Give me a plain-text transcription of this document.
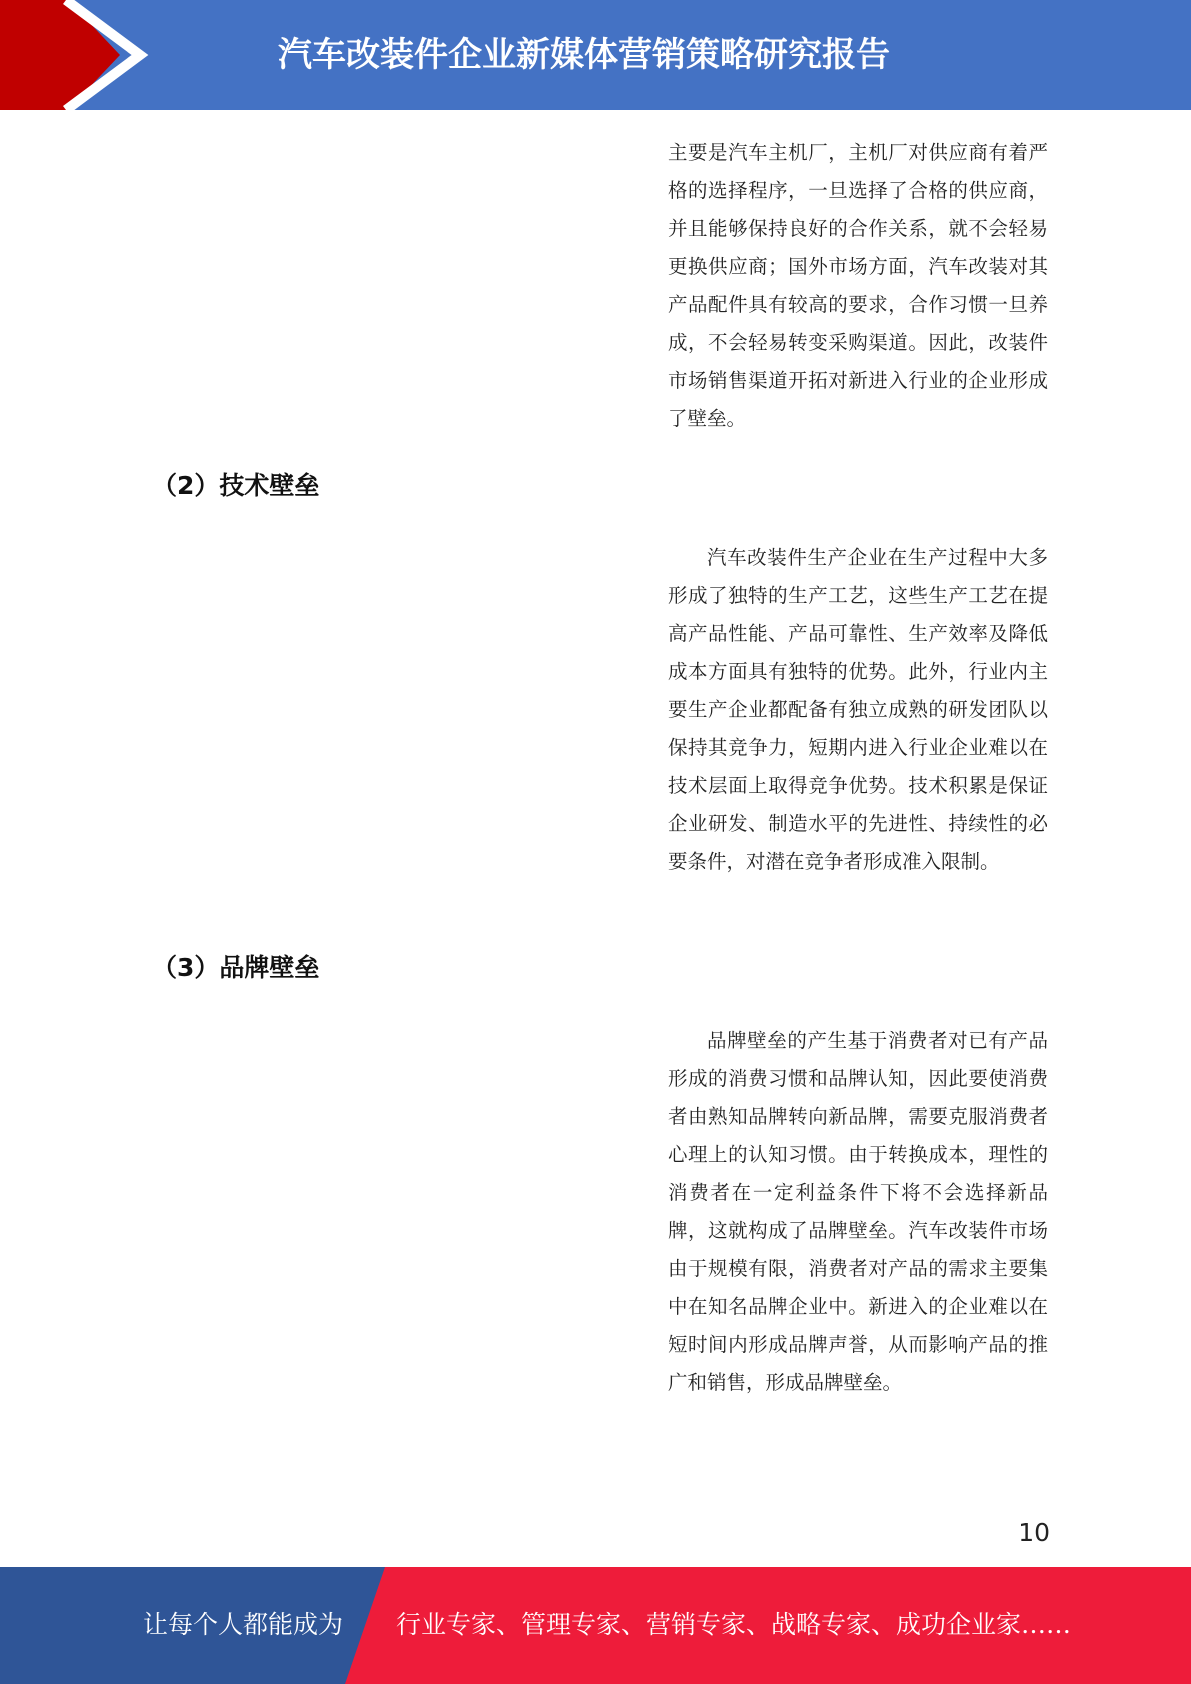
汽车改装件企业新媒体营销策略研究报告

主要是汽车主机厂，主机厂对供应商有着严格的选择程序，一旦选择了合格的供应商，并且能够保持良好的合作关系，就不会轻易更换供应商；国外市场方面，汽车改装对其产品配件具有较高的要求，合作习惯一旦养成，不会轻易转变采购渠道。因此，改装件市场销售渠道开拓对新进入行业的企业形成了壁垒。

（2）技术壁垒

汽车改装件生产企业在生产过程中大多形成了独特的生产工艺，这些生产工艺在提高产品性能、产品可靠性、生产效率及降低成本方面具有独特的优势。此外，行业内主要生产企业都配备有独立成熟的研发团队以保持其竞争力，短期内进入行业企业难以在技术层面上取得竞争优势。技术积累是保证企业研发、制造水平的先进性、持续性的必要条件，对潜在竞争者形成准入限制。

（3）品牌壁垒

品牌壁垒的产生基于消费者对已有产品形成的消费习惯和品牌认知，因此要使消费者由熟知品牌转向新品牌，需要克服消费者心理上的认知习惯。由于转换成本，理性的消费者在一定利益条件下将不会选择新品牌，这就构成了品牌壁垒。汽车改装件市场由于规模有限，消费者对产品的需求主要集中在知名品牌企业中。新进入的企业难以在短时间内形成品牌声誉，从而影响产品的推广和销售，形成品牌壁垒。

10
让每个人都能成为 行业专家、管理专家、营销专家、战略专家、成功企业家……
